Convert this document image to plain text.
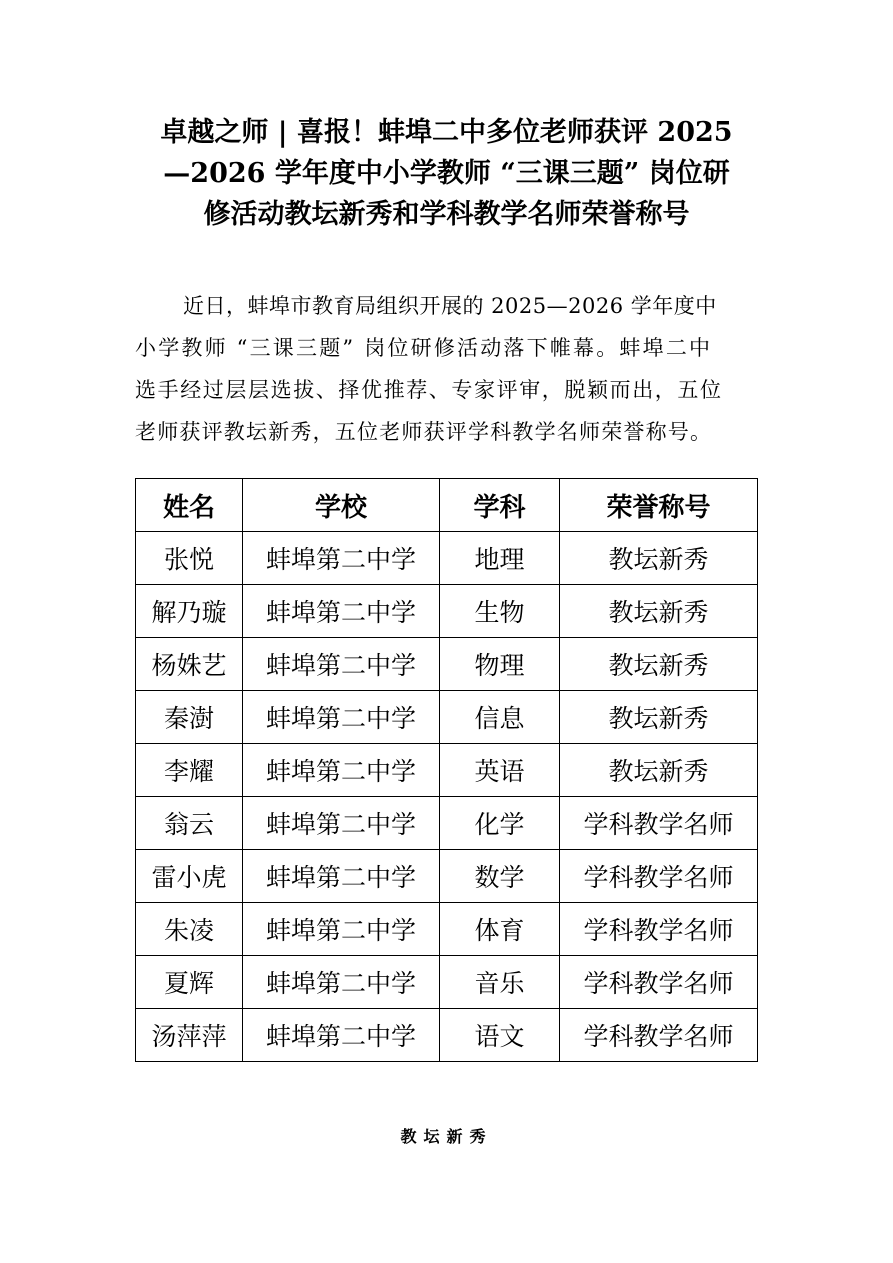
卓越之师 | 喜报！蚌埠二中多位老师获评 2025
—2026 学年度中小学教师 “三课三题” 岗位研
修活动教坛新秀和学科教学名师荣誉称号

近日，蚌埠市教育局组织开展的 2025—2026 学年度中
小学教师 “三课三题” 岗位研修活动落下帷幕。蚌埠二中
选手经过层层选拔、择优推荐、专家评审，脱颖而出，五位
老师获评教坛新秀，五位老师获评学科教学名师荣誉称号。

姓名	学校	学科	荣誉称号
张悦	蚌埠第二中学	地理	教坛新秀
解乃璇	蚌埠第二中学	生物	教坛新秀
杨姝艺	蚌埠第二中学	物理	教坛新秀
秦澍	蚌埠第二中学	信息	教坛新秀
李耀	蚌埠第二中学	英语	教坛新秀
翁云	蚌埠第二中学	化学	学科教学名师
雷小虎	蚌埠第二中学	数学	学科教学名师
朱凌	蚌埠第二中学	体育	学科教学名师
夏辉	蚌埠第二中学	音乐	学科教学名师
汤萍萍	蚌埠第二中学	语文	学科教学名师
教坛新秀
